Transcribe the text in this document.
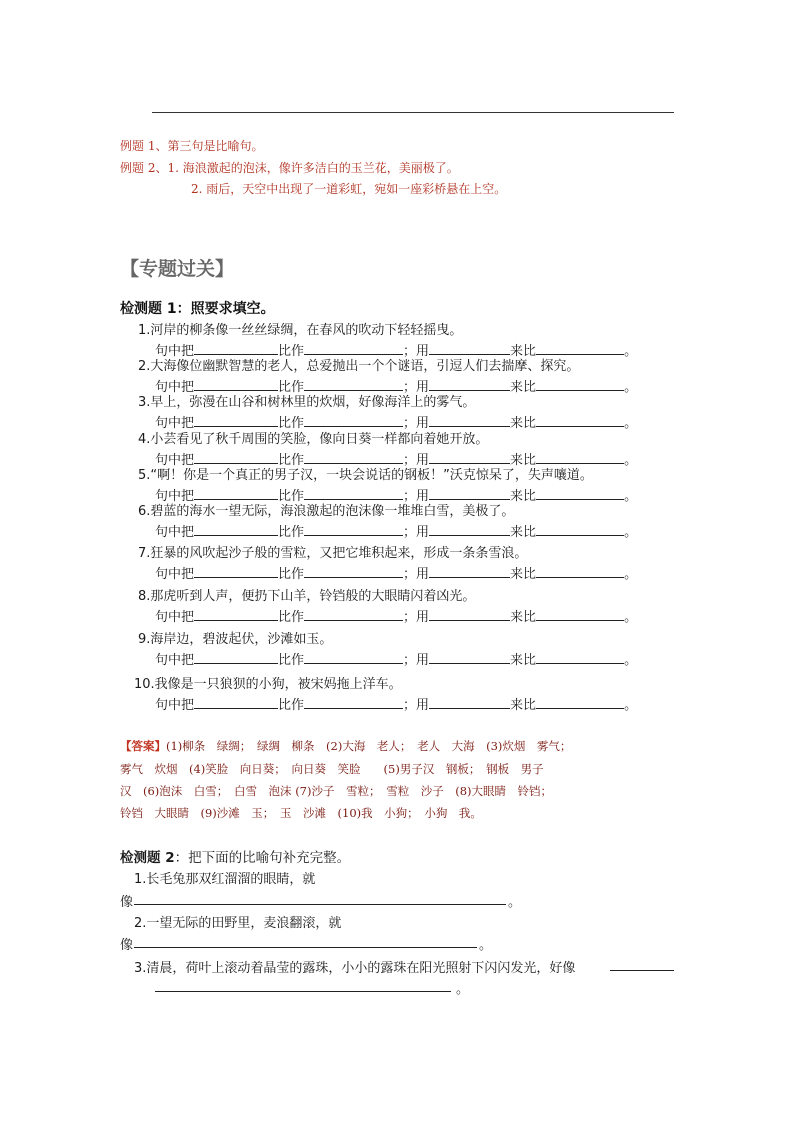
例题 1、第三句是比喻句。
例题 2、1. 海浪激起的泡沫，像许多洁白的玉兰花，美丽极了。
2. 雨后，天空中出现了一道彩虹，宛如一座彩桥悬在上空。
【专题过关】
检测题 1：照要求填空。
1.河岸的柳条像一丝丝绿绸，在春风的吹动下轻轻摇曳。
句中把	比作	；用	来比	。
2.大海像位幽默智慧的老人，总爱抛出一个个谜语，引逗人们去揣摩、探究。
句中把	比作	；用	来比	。
3.早上，弥漫在山谷和树林里的炊烟，好像海洋上的雾气。
句中把	比作	；用	来比	。
4.小芸看见了秋千周围的笑脸，像向日葵一样都向着她开放。
句中把	比作	；用	来比	。
5.“啊！你是一个真正的男子汉，一块会说话的钢板！”沃克惊呆了，失声嚷道。
句中把	比作	；用	来比	。
6.碧蓝的海水一望无际，海浪激起的泡沫像一堆堆白雪，美极了。
句中把	比作	；用	来比	。
7.狂暴的风吹起沙子般的雪粒，又把它堆积起来，形成一条条雪浪。
句中把	比作	；用	来比	。
8.那虎听到人声，便扔下山羊，铃铛般的大眼睛闪着凶光。
句中把	比作	；用	来比	。
9.海岸边，碧波起伏，沙滩如玉。
句中把	比作	；用	来比	。
10.我像是一只狼狈的小狗，被宋妈拖上洋车。
句中把	比作	；用	来比	。
【答案】(1)柳条　绿绸；　绿绸　柳条　(2)大海　老人；　老人　大海　(3)炊烟　雾气；
雾气　炊烟　(4)笑脸　向日葵；　向日葵　笑脸　　(5)男子汉　钢板；　钢板　男子
汉　(6)泡沫　白雪；　白雪　泡沫 (7)沙子　雪粒；　雪粒　沙子　(8)大眼睛　铃铛；
铃铛　大眼睛　(9)沙滩　玉；　玉　沙滩　(10)我　小狗；　小狗　我。
检测题 2：把下面的比喻句补充完整。
1.长毛兔那双红溜溜的眼睛，就
像	。
2.一望无际的田野里，麦浪翻滚，就
像	。
3.清晨，荷叶上滚动着晶莹的露珠，小小的露珠在阳光照射下闪闪发光，好像
。
